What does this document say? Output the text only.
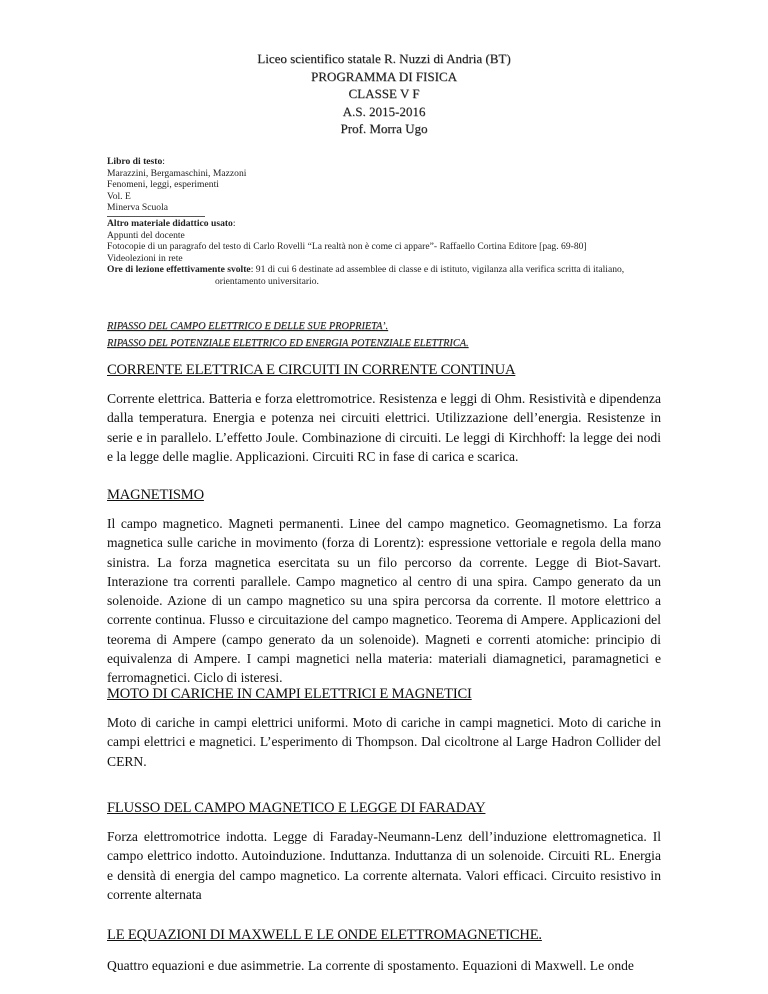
Liceo scientifico statale R. Nuzzi di Andria (BT)
PROGRAMMA DI FISICA
CLASSE V F
A.S. 2015-2016
Prof. Morra Ugo
Libro di testo:
Marazzini, Bergamaschini, Mazzoni
Fenomeni, leggi, esperimenti
Vol. E
Minerva Scuola
Altro materiale didattico usato:
Appunti del docente
Fotocopie di un paragrafo del testo di Carlo Rovelli “La realtà non è come ci appare”- Raffaello Cortina Editore [pag. 69-80]
Videolezioni in rete
Ore di lezione effettivamente svolte: 91 di cui 6 destinate ad assemblee di classe e di istituto, vigilanza alla verifica scritta di italiano,
orientamento universitario.
RIPASSO DEL CAMPO ELETTRICO E DELLE SUE PROPRIETA’.
RIPASSO DEL POTENZIALE ELETTRICO ED ENERGIA POTENZIALE ELETTRICA.
CORRENTE ELETTRICA E CIRCUITI IN CORRENTE CONTINUA
Corrente elettrica. Batteria e forza elettromotrice. Resistenza e leggi di Ohm. Resistività e dipendenza dalla temperatura. Energia e potenza nei circuiti elettrici. Utilizzazione dell’energia. Resistenze in serie e in parallelo. L’effetto Joule. Combinazione di circuiti. Le leggi di Kirchhoff: la legge dei nodi e la legge delle maglie. Applicazioni. Circuiti RC in fase di carica e scarica.
MAGNETISMO
Il campo magnetico. Magneti permanenti. Linee del campo magnetico. Geomagnetismo. La forza magnetica sulle cariche in movimento (forza di Lorentz): espressione vettoriale e regola della mano sinistra. La forza magnetica esercitata su un filo percorso da corrente. Legge di Biot-Savart. Interazione tra correnti parallele. Campo magnetico al centro di una spira. Campo generato da un solenoide. Azione di un campo magnetico su una spira percorsa da corrente. Il motore elettrico a corrente continua. Flusso e circuitazione del campo magnetico. Teorema di Ampere. Applicazioni del teorema di Ampere (campo generato da un solenoide). Magneti e correnti atomiche: principio di equivalenza di Ampere. I campi magnetici nella materia: materiali diamagnetici, paramagnetici e ferromagnetici. Ciclo di isteresi.
MOTO DI CARICHE IN CAMPI ELETTRICI E MAGNETICI
Moto di cariche in campi elettrici uniformi. Moto di cariche in campi magnetici. Moto di cariche in campi elettrici e magnetici. L’esperimento di Thompson. Dal cicoltrone al Large Hadron Collider del CERN.
FLUSSO DEL CAMPO MAGNETICO E LEGGE DI FARADAY
Forza elettromotrice indotta. Legge di Faraday-Neumann-Lenz dell’induzione elettromagnetica. Il campo elettrico indotto. Autoinduzione. Induttanza. Induttanza di un solenoide. Circuiti RL. Energia e densità di energia del campo magnetico. La corrente alternata. Valori efficaci. Circuito resistivo in corrente alternata
LE EQUAZIONI DI MAXWELL E LE ONDE ELETTROMAGNETICHE.
Quattro equazioni e due asimmetrie. La corrente di spostamento. Equazioni di Maxwell. Le onde
